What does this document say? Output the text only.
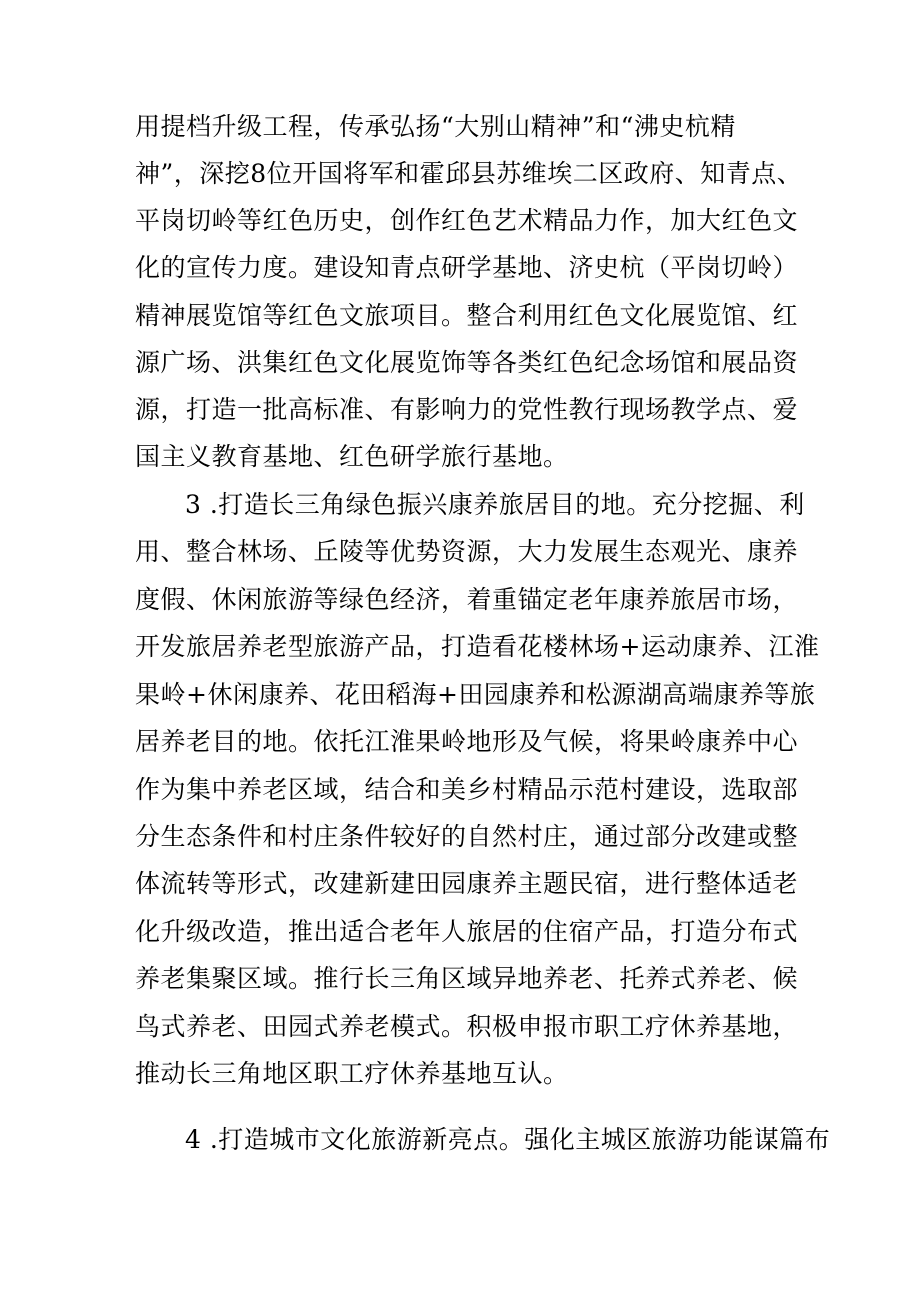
用提档升级工程，传承弘扬“大别山精神”和“沸史杭精
神”，深挖8位开国将军和霍邱县苏维埃二区政府、知青点、
平岗切岭等红色历史，创作红色艺术精品力作，加大红色文
化的宣传力度。建设知青点研学基地、济史杭（平岗切岭）
精神展览馆等红色文旅项目。整合利用红色文化展览馆、红
源广场、洪集红色文化展览饰等各类红色纪念场馆和展品资
源，打造一批高标准、有影响力的党性教行现场教学点、爱
国主义教育基地、红色研学旅行基地。
3 .打造长三角绿色振兴康养旅居目的地。充分挖掘、利
用、整合林场、丘陵等优势资源，大力发展生态观光、康养
度假、休闲旅游等绿色经济，着重锚定老年康养旅居市场，
开发旅居养老型旅游产品，打造看花楼林场+运动康养、江淮
果岭+休闲康养、花田稻海+田园康养和松源湖高端康养等旅
居养老目的地。依托江淮果岭地形及气候，将果岭康养中心
作为集中养老区域，结合和美乡村精品示范村建设，选取部
分生态条件和村庄条件较好的自然村庄，通过部分改建或整
体流转等形式，改建新建田园康养主题民宿，进行整体适老
化升级改造，推出适合老年人旅居的住宿产品，打造分布式
养老集聚区域。推行长三角区域异地养老、托养式养老、候
鸟式养老、田园式养老模式。积极申报市职工疗休养基地，
推动长三角地区职工疗休养基地互认。
4 .打造城市文化旅游新亮点。强化主城区旅游功能谋篇布
